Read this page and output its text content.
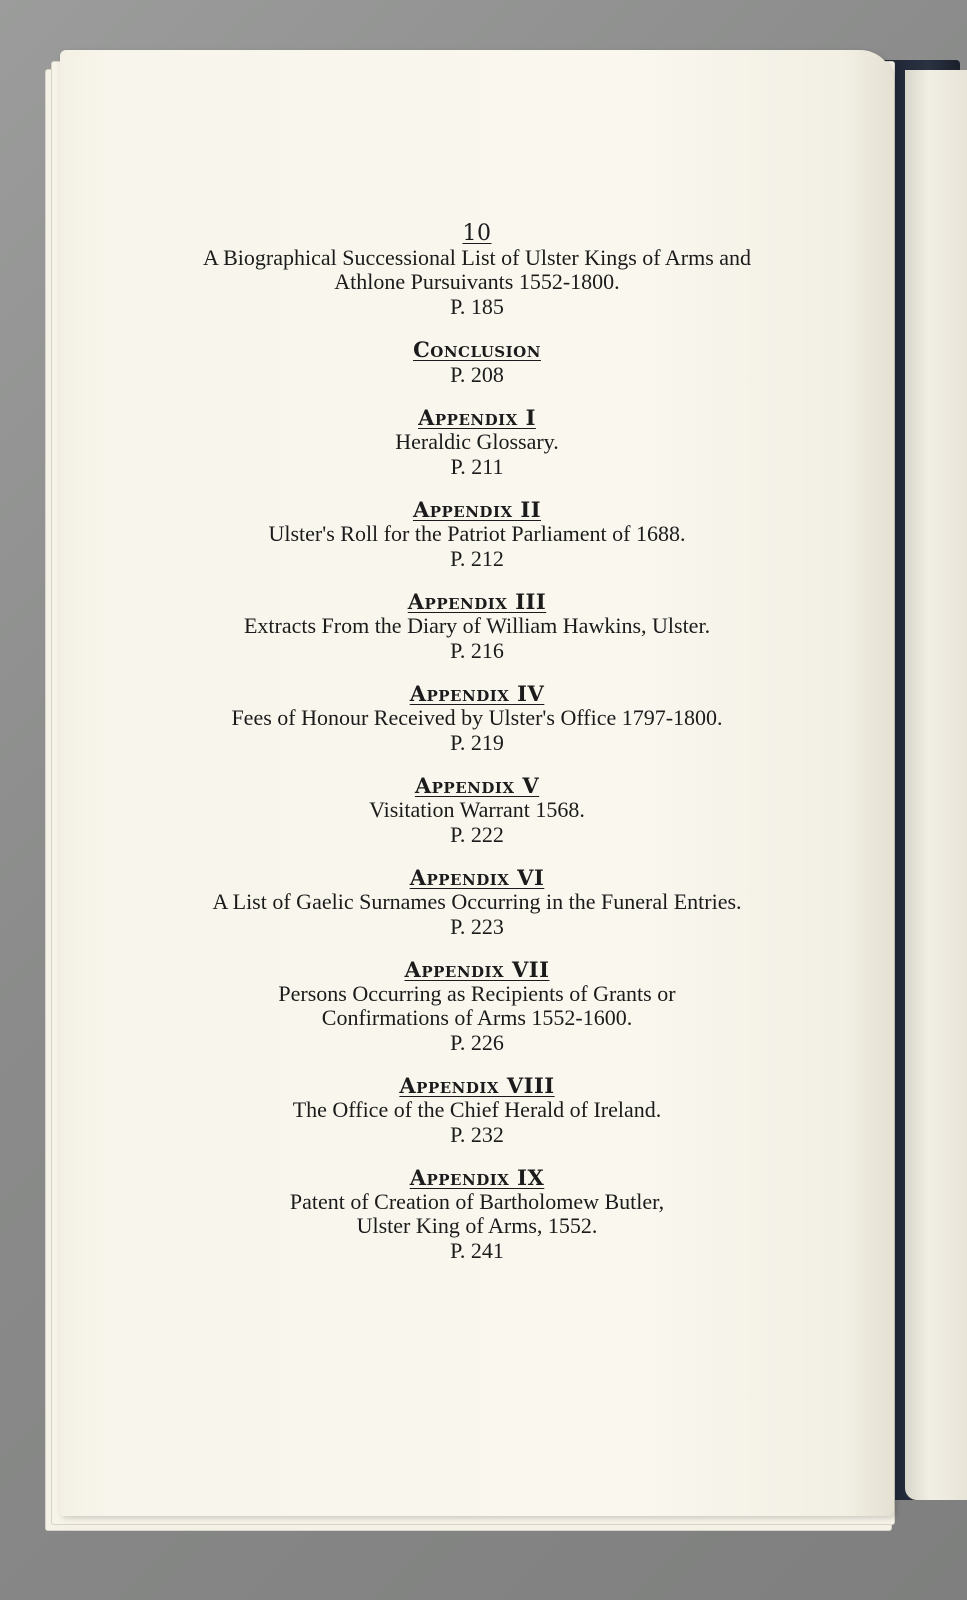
10
A Biographical Successional List of Ulster Kings of Arms and
Athlone Pursuivants 1552-1800.
P. 185
Conclusion
P. 208
Appendix I
Heraldic Glossary.
P. 211
Appendix II
Ulster's Roll for the Patriot Parliament of 1688.
P. 212
Appendix III
Extracts From the Diary of William Hawkins, Ulster.
P. 216
Appendix IV
Fees of Honour Received by Ulster's Office 1797-1800.
P. 219
Appendix V
Visitation Warrant 1568.
P. 222
Appendix VI
A List of Gaelic Surnames Occurring in the Funeral Entries.
P. 223
Appendix VII
Persons Occurring as Recipients of Grants or
Confirmations of Arms 1552-1600.
P. 226
Appendix VIII
The Office of the Chief Herald of Ireland.
P. 232
Appendix IX
Patent of Creation of Bartholomew Butler,
Ulster King of Arms, 1552.
P. 241
